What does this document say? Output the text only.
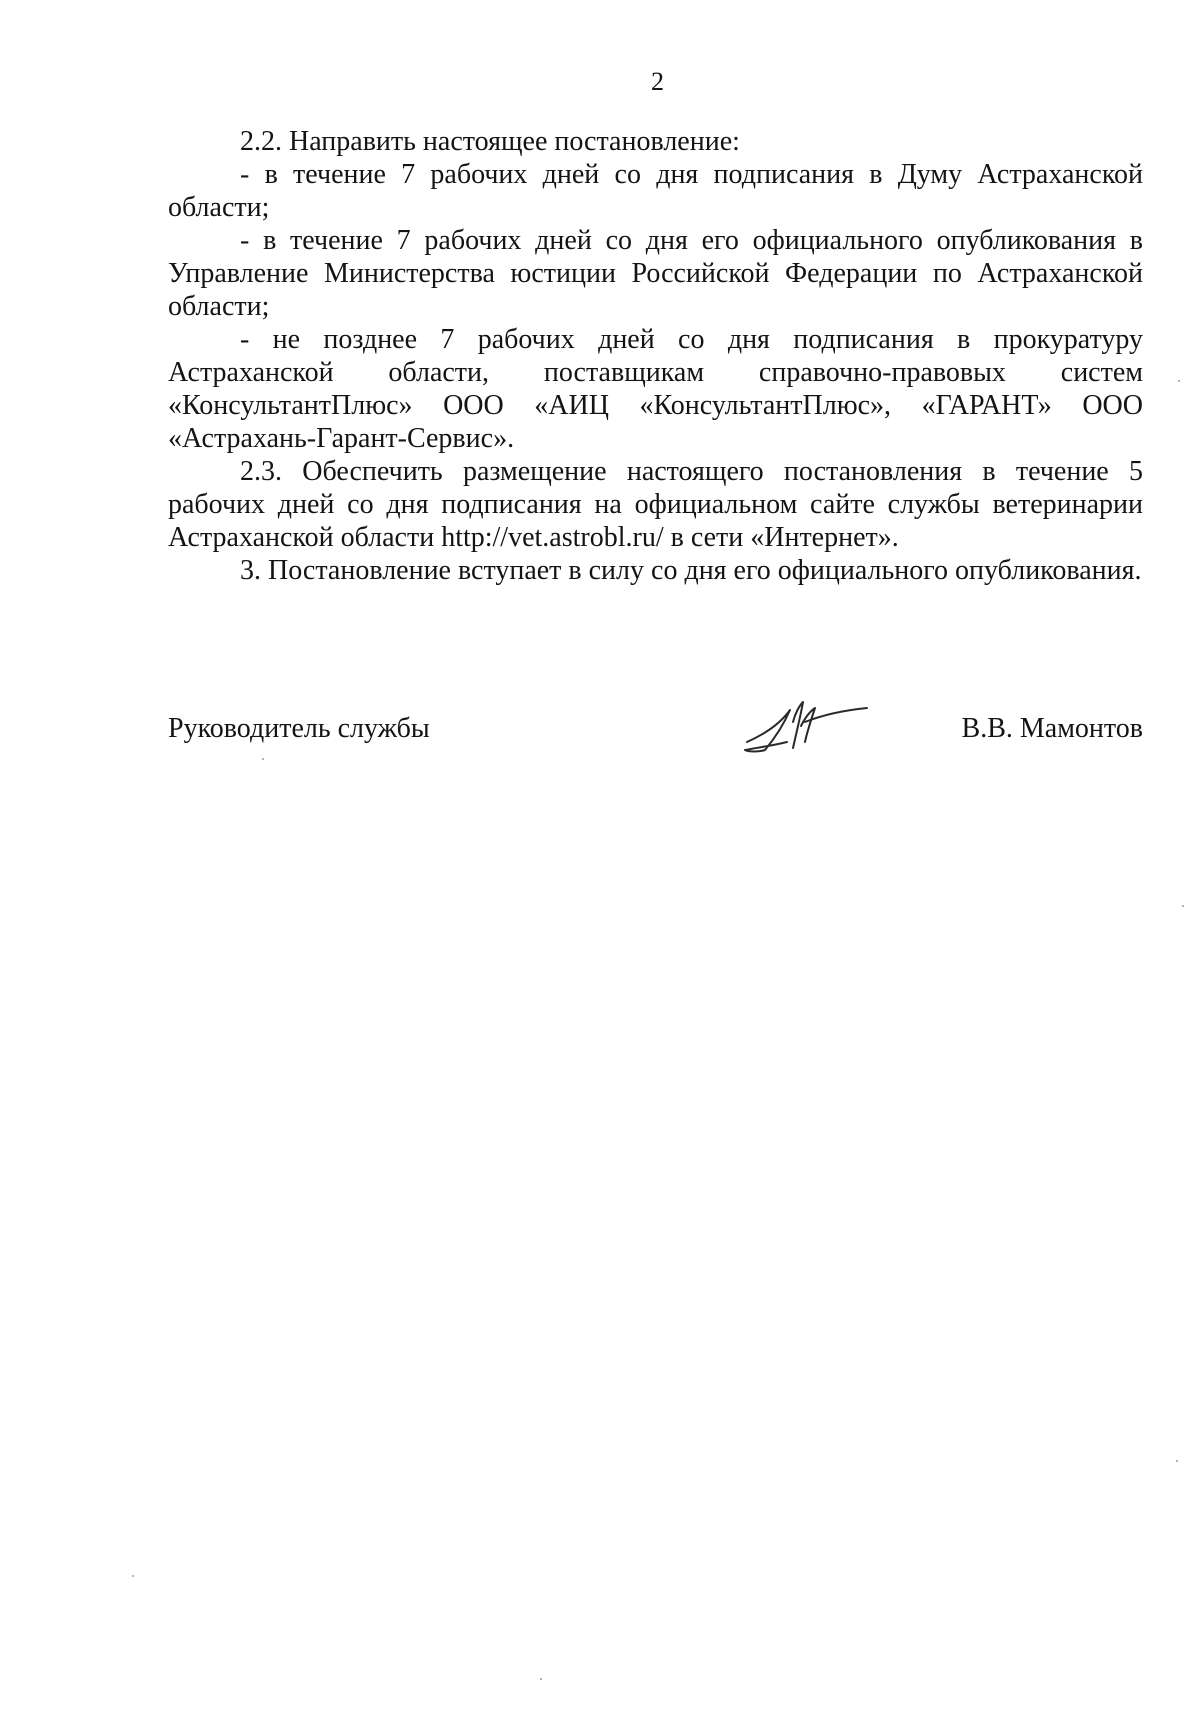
2

2.2. Направить настоящее постановление:

- в течение 7 рабочих дней со дня подписания в Думу Астраханской области;

- в течение 7 рабочих дней со дня его официального опубликования в Управление Министерства юстиции Российской Федерации по Астраханской области;

- не позднее 7 рабочих дней со дня подписания в прокуратуру Астраханской области, поставщикам справочно-правовых систем «КонсультантПлюс» ООО «АИЦ «КонсультантПлюс», «ГАРАНТ» ООО «Астрахань-Гарант-Сервис».

2.3. Обеспечить размещение настоящего постановления в течение 5 рабочих дней со дня подписания на официальном сайте службы ветеринарии Астраханской области http://vet.astrobl.ru/ в сети «Интернет».

3. Постановление вступает в силу со дня его официального опубликования.

Руководитель службы	В.В. Мамонтов
